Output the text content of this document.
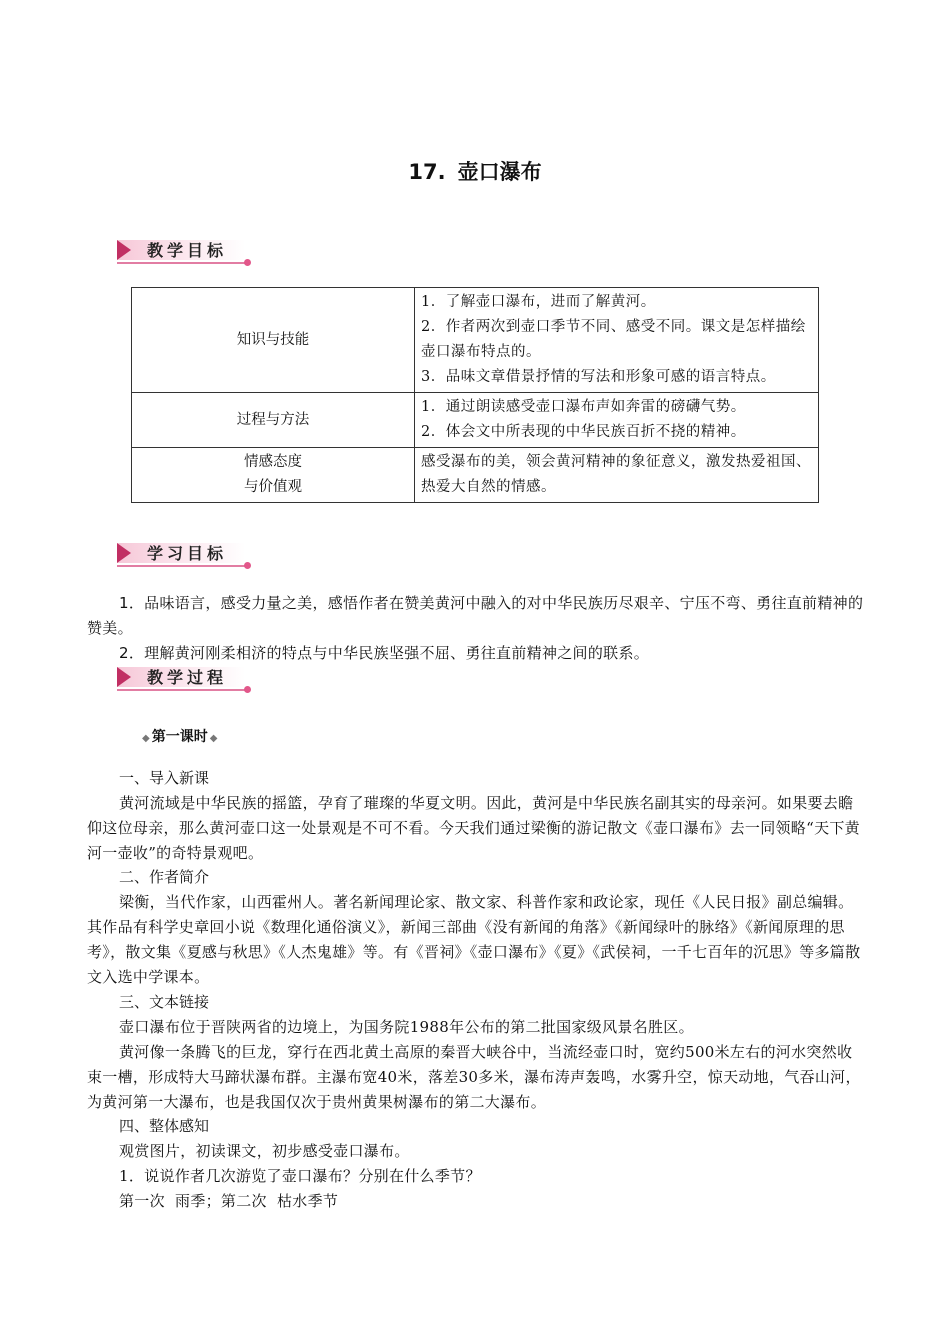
17. 壶口瀑布
教学目标
知识与技能	1．了解壶口瀑布，进而了解黄河。
2．作者两次到壶口季节不同、感受不同。课文是怎样描绘壶口瀑布特点的。
3．品味文章借景抒情的写法和形象可感的语言特点。

过程与方法	1．通过朗读感受壶口瀑布声如奔雷的磅礴气势。
2．体会文中所表现的中华民族百折不挠的精神。

情感态度
与价值观	感受瀑布的美，领会黄河精神的象征意义，激发热爱祖国、热爱大自然的情感。
学习目标
1．品味语言，感受力量之美，感悟作者在赞美黄河中融入的对中华民族历尽艰辛、宁压不弯、勇往直前精神的赞美。
2．理解黄河刚柔相济的特点与中华民族坚强不屈、勇往直前精神之间的联系。
教学过程
◆ 第一课时 ◆
一、导入新课
黄河流域是中华民族的摇篮，孕育了璀璨的华夏文明。因此，黄河是中华民族名副其实的母亲河。如果要去瞻仰这位母亲，那么黄河壶口这一处景观是不可不看。今天我们通过梁衡的游记散文《壶口瀑布》去一同领略“天下黄河一壶收”的奇特景观吧。
二、作者简介
梁衡，当代作家，山西霍州人。著名新闻理论家、散文家、科普作家和政论家，现任《人民日报》副总编辑。其作品有科学史章回小说《数理化通俗演义》，新闻三部曲《没有新闻的角落》《新闻绿叶的脉络》《新闻原理的思考》，散文集《夏感与秋思》《人杰鬼雄》等。有《晋祠》《壶口瀑布》《夏》《武侯祠，一千七百年的沉思》等多篇散文入选中学课本。
三、文本链接
壶口瀑布位于晋陕两省的边境上，为国务院1988年公布的第二批国家级风景名胜区。
黄河像一条腾飞的巨龙，穿行在西北黄土高原的秦晋大峡谷中，当流经壶口时，宽约500米左右的河水突然收束一槽，形成特大马蹄状瀑布群。主瀑布宽40米，落差30多米，瀑布涛声轰鸣，水雾升空，惊天动地，气吞山河，为黄河第一大瀑布，也是我国仅次于贵州黄果树瀑布的第二大瀑布。
四、整体感知
观赏图片，初读课文，初步感受壶口瀑布。
1．说说作者几次游览了壶口瀑布？分别在什么季节？
第一次  雨季；第二次  枯水季节
